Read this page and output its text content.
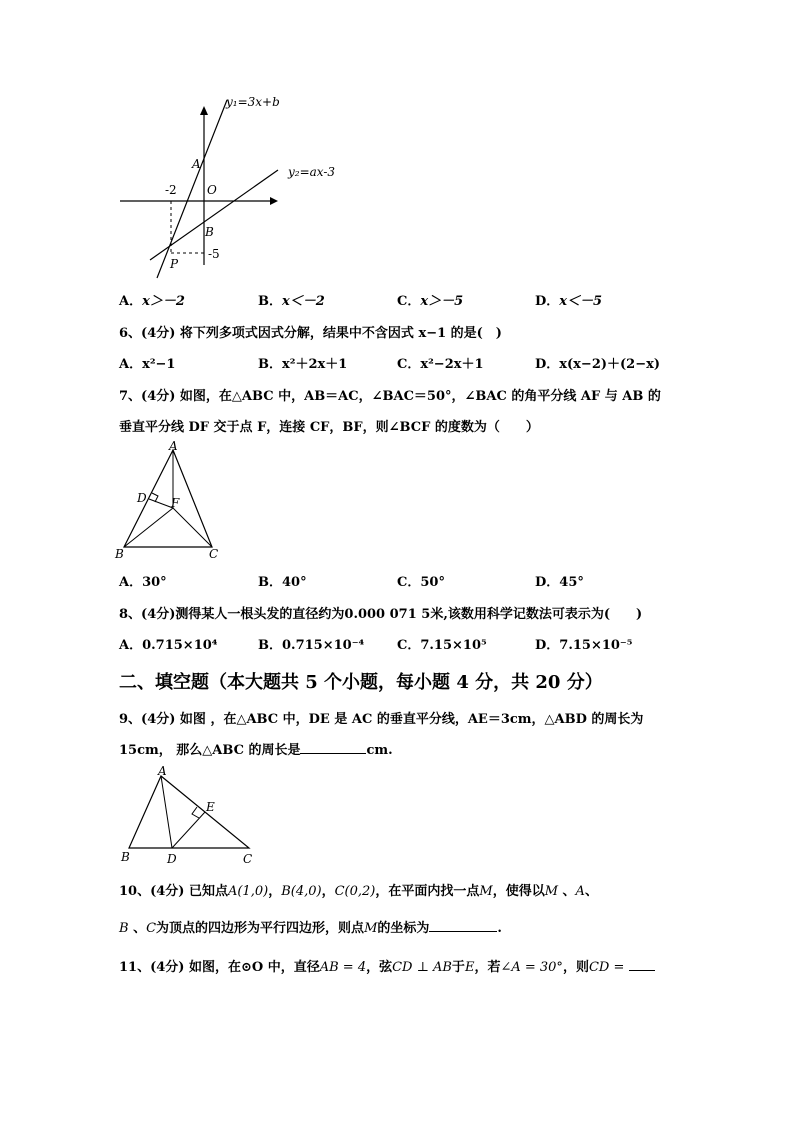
y₁=3x+b
y₂=ax-3
A
O
B
P
-2
-5
A．x＞－2	B．x＜－2	C．x＞－5	D．x＜－5
6、(4分) 将下列多项式因式分解，结果中不含因式 x−1 的是(　)
A．x²−1	B．x²＋2x＋1	C．x²−2x＋1	D．x(x−2)＋(2−x)
7、(4分) 如图，在△ABC 中，AB＝AC，∠BAC＝50°，∠BAC 的角平分线 AF 与 AB 的
垂直平分线 DF 交于点 F，连接 CF，BF，则∠BCF 的度数为（　　）
A
B	C
D F
A．30°	B．40°	C．50°	D．45°
8、(4分)测得某人一根头发的直径约为0.000 071 5米,该数用科学记数法可表示为(　　)
A．0.715×10⁴	B．0.715×10⁻⁴	C．7.15×10⁵	D．7.15×10⁻⁵
二、填空题（本大题共 5 个小题，每小题 4 分，共 20 分）
9、(4分) 如图 ，在△ABC 中，DE 是 AC 的垂直平分线，AE＝3cm，△ABD 的周长为
15cm， 那么△ABC 的周长是	cm.
A
B	C
D
E
10、(4分) 已知点A(1,0)，B(4,0)，C(0,2)，在平面内找一点M，使得以M 、A、
B 、C为顶点的四边形为平行四边形，则点M的坐标为	.
11、(4分) 如图，在⊙O 中，直径AB = 4，弦CD ⊥ AB于E，若∠A = 30°，则CD =
